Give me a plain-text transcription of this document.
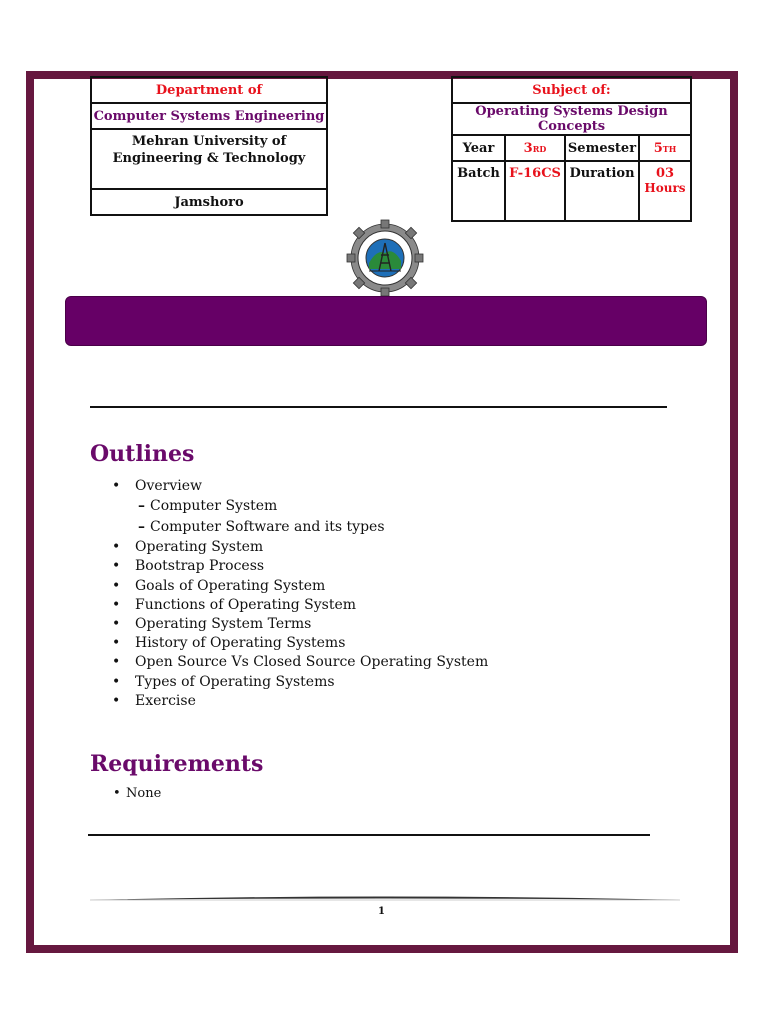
Department of
Computer Systems Engineering
Mehran University of Engineering & Technology
Jamshoro
Subject of:			
Operating Systems Design Concepts			
Year	3RD	Semester	5TH
Batch	F-16CS	Duration	03
Hours
Outlines
• Overview
– Computer System
– Computer Software and its types
• Operating System
• Bootstrap Process
• Goals of Operating System
• Functions of Operating System
• Operating System Terms
• History of Operating Systems
• Open Source Vs Closed Source Operating System
• Types of Operating Systems
• Exercise
Requirements
• None
1
